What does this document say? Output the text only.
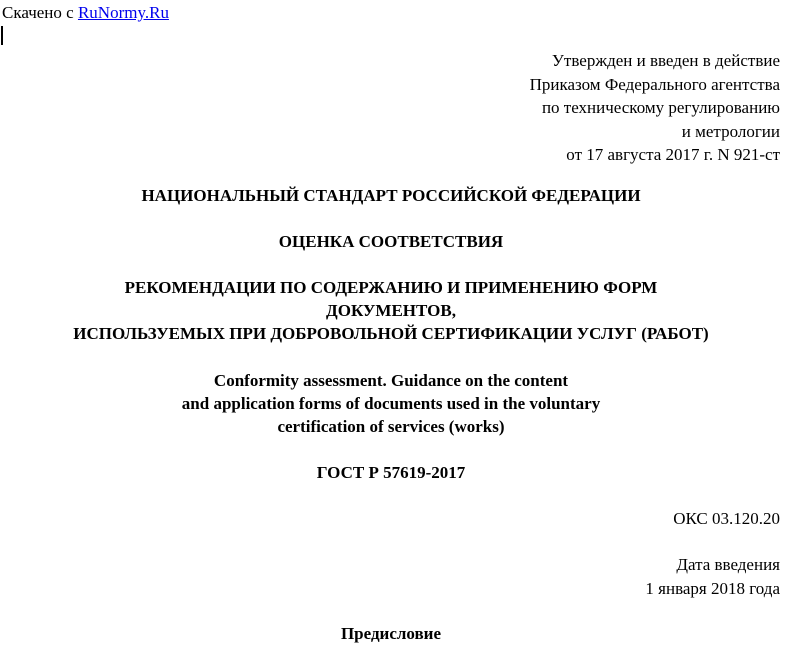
Скачено с RuNormy.Ru
Утвержден и введен в действие
Приказом Федерального агентства
по техническому регулированию
и метрологии
от 17 августа 2017 г. N 921-ст
НАЦИОНАЛЬНЫЙ СТАНДАРТ РОССИЙСКОЙ ФЕДЕРАЦИИ
ОЦЕНКА СООТВЕТСТВИЯ
РЕКОМЕНДАЦИИ ПО СОДЕРЖАНИЮ И ПРИМЕНЕНИЮ ФОРМ
ДОКУМЕНТОВ,
ИСПОЛЬЗУЕМЫХ ПРИ ДОБРОВОЛЬНОЙ СЕРТИФИКАЦИИ УСЛУГ (РАБОТ)
Conformity assessment. Guidance on the content
and application forms of documents used in the voluntary
certification of services (works)
ГОСТ Р 57619-2017
ОКС 03.120.20
Дата введения
1 января 2018 года
Предисловие
